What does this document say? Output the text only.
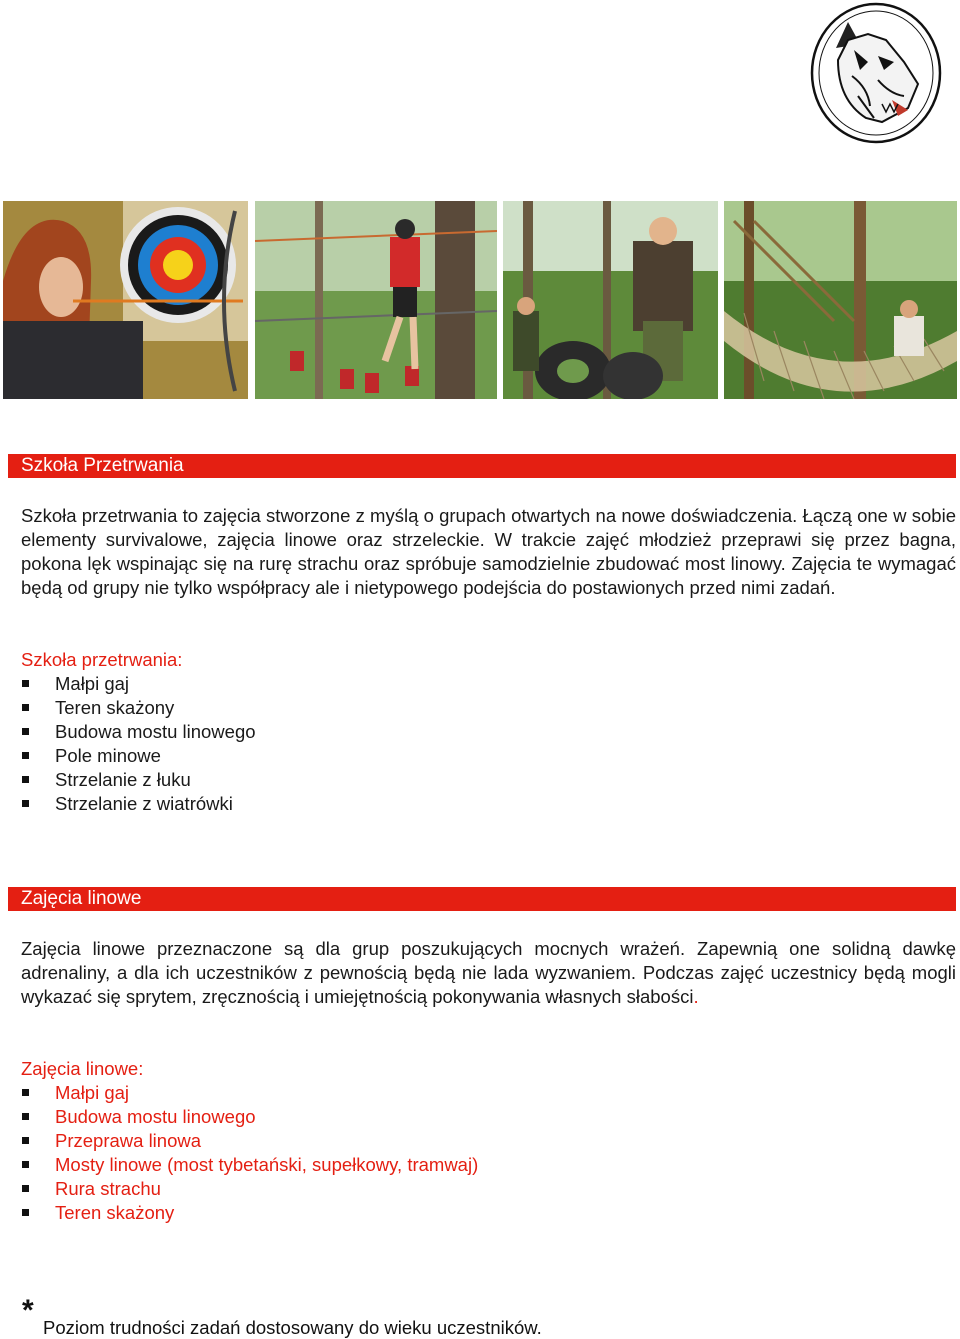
Szkoła Przetrwania
Szkoła przetrwania to zajęcia stworzone z myślą o grupach otwartych na nowe doświadczenia. Łączą one w sobie elementy survivalowe, zajęcia linowe oraz strzeleckie. W trakcie zajęć młodzież przeprawi się przez bagna, pokona lęk wspinając się na rurę strachu oraz spróbuje samodzielnie zbudować most linowy. Zajęcia te wymagać będą od grupy nie tylko współpracy ale i nietypowego podejścia do postawionych przed nimi zadań.
Szkoła przetrwania:
Małpi gaj
Teren skażony
Budowa mostu linowego
Pole minowe
Strzelanie z łuku
Strzelanie z wiatrówki
Zajęcia linowe
Zajęcia linowe przeznaczone są dla grup poszukujących mocnych wrażeń. Zapewnią one solidną dawkę adrenaliny, a dla ich uczestników z pewnością będą nie lada wyzwaniem. Podczas zajęć uczestnicy będą mogli wykazać się sprytem, zręcznością i umiejętnością pokonywania własnych słabości.
Zajęcia linowe:
Małpi gaj
Budowa mostu linowego
Przeprawa linowa
Mosty linowe (most tybetański, supełkowy, tramwaj)
Rura strachu
Teren skażony
*
Poziom trudności zadań dostosowany do wieku uczestników.
